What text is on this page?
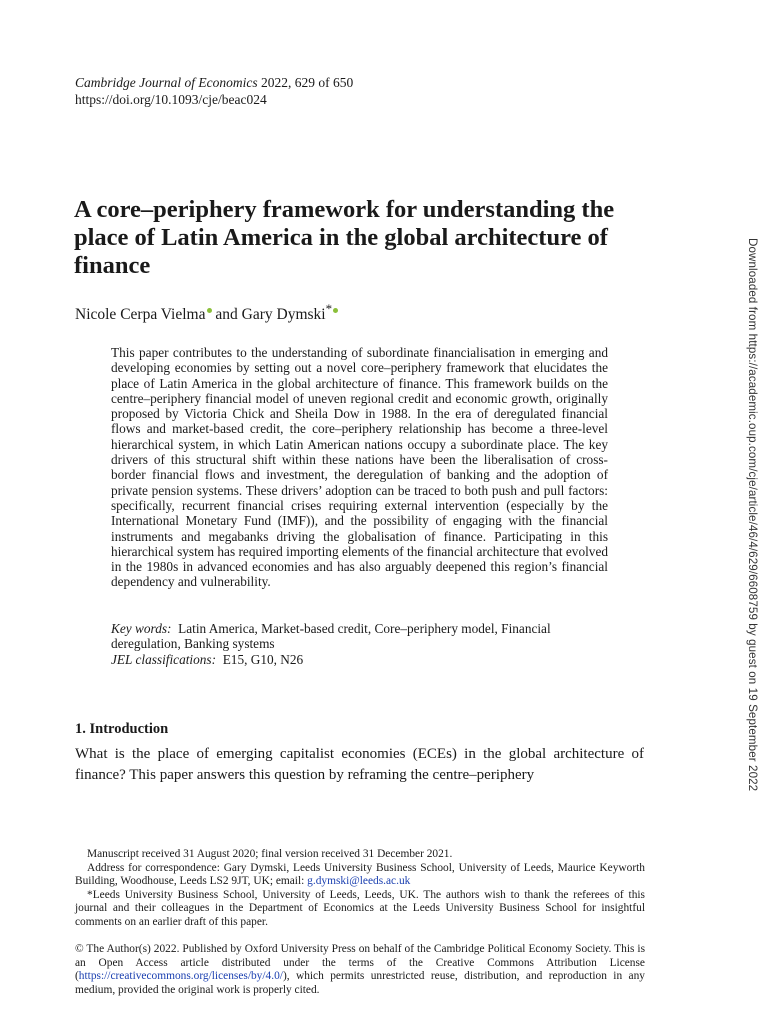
Cambridge Journal of Economics 2022, 629 of 650
https://doi.org/10.1093/cje/beac024
A core–periphery framework for understanding the place of Latin America in the global architecture of finance
Nicole Cerpa Vielma and Gary Dymski*

This paper contributes to the understanding of subordinate financialisation in emerging and developing economies by setting out a novel core–periphery framework that elucidates the place of Latin America in the global architecture of finance. This framework builds on the centre–periphery financial model of uneven regional credit and economic growth, originally proposed by Victoria Chick and Sheila Dow in 1988. In the era of deregulated financial flows and market-based credit, the core–periphery relationship has become a three-level hierarchical system, in which Latin American nations occupy a subordinate place. The key drivers of this structural shift within these nations have been the liberalisation of cross-border financial flows and investment, the deregulation of banking and the adoption of private pension systems. These drivers’ adoption can be traced to both push and pull factors: specifically, recurrent financial crises requiring external intervention (especially by the International Monetary Fund (IMF)), and the possibility of engaging with the financial instruments and megabanks driving the globalisation of finance. Participating in this hierarchical system has required importing elements of the financial architecture that evolved in the 1980s in advanced economies and has also arguably deepened this region’s financial dependency and vulnerability.

Key words: Latin America, Market-based credit, Core–periphery model, Financial deregulation, Banking systems
JEL classifications: E15, G10, N26
1. Introduction

What is the place of emerging capitalist economies (ECEs) in the global architecture of finance? This paper answers this question by reframing the centre–periphery

Manuscript received 31 August 2020; final version received 31 December 2021.

Address for correspondence: Gary Dymski, Leeds University Business School, University of Leeds, Maurice Keyworth Building, Woodhouse, Leeds LS2 9JT, UK; email: g.dymski@leeds.ac.uk

*Leeds University Business School, University of Leeds, Leeds, UK. The authors wish to thank the referees of this journal and their colleagues in the Department of Economics at the Leeds University Business School for insightful comments on an earlier draft of this paper.

© The Author(s) 2022. Published by Oxford University Press on behalf of the Cambridge Political Economy Society. This is an Open Access article distributed under the terms of the Creative Commons Attribution License (https://creativecommons.org/licenses/by/4.0/), which permits unrestricted reuse, distribution, and reproduction in any medium, provided the original work is properly cited.

Downloaded from https://academic.oup.com/cje/article/46/4/629/6608759 by guest on 19 September 2022
